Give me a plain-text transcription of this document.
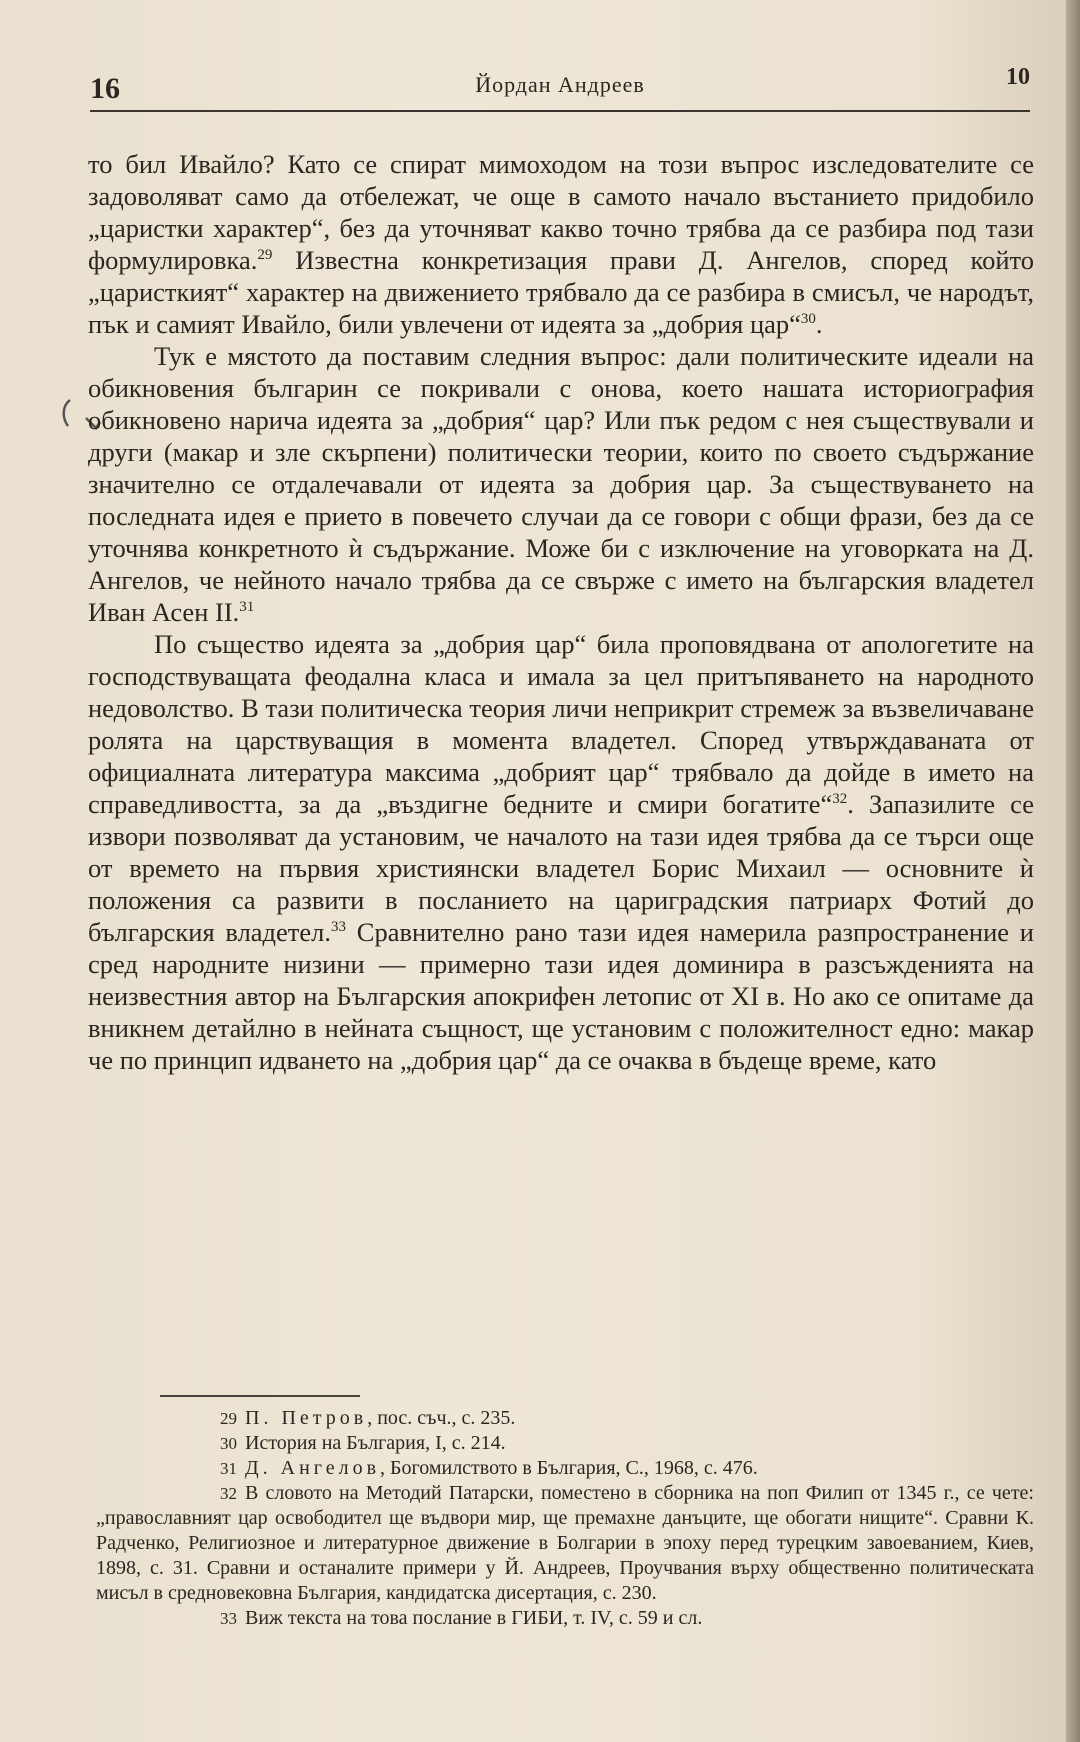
16	Йордан Андреев	10

то бил Ивайло? Като се спират мимоходом на този въпрос изследователите се задоволяват само да отбележат, че още в самото начало въстанието придобило „царистки характер“, без да уточняват какво точно трябва да се разбира под тази формулировка.$^{29}$ Известна конкретизация прави Д. Ангелов, според който „царисткият“ характер на движението трябвало да се разбира в смисъл, че народът, пък и самият Ивайло, били увлечени от идеята за „добрия цар“$^{30}$.

Тук е мястото да поставим следния въпрос: дали политическите идеали на обикновения българин се покривали с онова, което нашата историография обикновено нарича идеята за „добрия“ цар? Или пък редом с нея съществували и други (макар и зле скърпени) политически теории, които по своето съдържание значително се отдалечавали от идеята за добрия цар. За съществуването на последната идея е прието в повечето случаи да се говори с общи фрази, без да се уточнява конкретното ѝ съдържание. Може би с изключение на уговорката на Д. Ангелов, че нейното начало трябва да се свърже с името на българския владетел Иван Асен II.$^{31}$

По същество идеята за „добрия цар“ била проповядвана от апологетите на господствуващата феодална класа и имала за цел притъпяването на народното недоволство. В тази политическа теория личи неприкрит стремеж за възвеличаване ролята на царствуващия в момента владетел. Според утвърждаваната от официалната литература максима „добрият цар“ трябвало да дойде в името на справедливостта, за да „въздигне бедните и смири богатите“$^{32}$. Запазилите се извори позволяват да установим, че началото на тази идея трябва да се търси още от времето на първия християнски владетел Борис Михаил — основните ѝ положения са развити в посланието на цариградския патриарх Фотий до българския владетел.$^{33}$ Сравнително рано тази идея намерила разпространение и сред народните низини — примерно тази идея доминира в разсъжденията на неизвестния автор на Българския апокрифен летопис от XI в. Но ако се опитаме да вникнем детайлно в нейната същност, ще установим с положителност едно: макар че по принцип идването на „добрия цар“ да се очаква в бъдеще време, като

29 П. Петров, пос. съч., с. 235.

30 История на България, I, с. 214.

31 Д. Ангелов, Богомилството в България, С., 1968, с. 476.

32 В словото на Методий Патарски, поместено в сборника на поп Филип от 1345 г., се чете: „православният цар освободител ще въдвори мир, ще премахне данъците, ще обогати нищите“. Сравни К. Радченко, Религиозное и литературное движение в Болгарии в эпоху перед турецким завоеванием, Киев, 1898, с. 31. Сравни и останалите примери у Й. Андреев, Проучвания върху общественно политическата мисъл в средновековна България, кандидатска дисертация, с. 230.

33 Виж текста на това послание в ГИБИ, т. IV, с. 59 и сл.
